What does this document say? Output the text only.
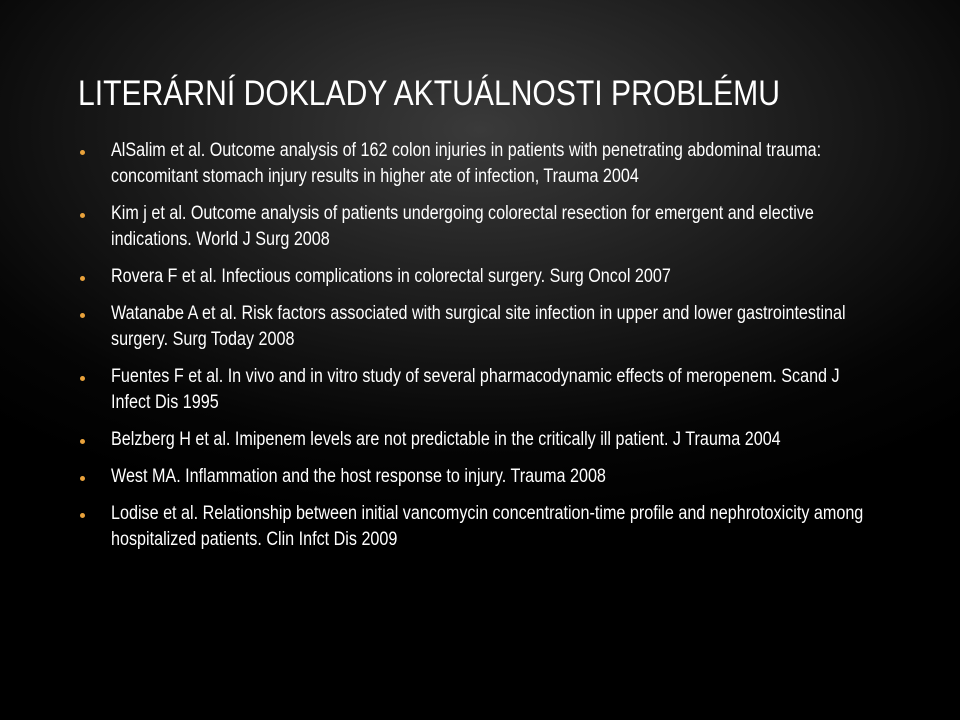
LITERÁRNÍ DOKLADY AKTUÁLNOSTI PROBLÉMU
AlSalim et al. Outcome analysis of 162 colon injuries in patients with penetrating abdominal trauma: concomitant stomach injury results in higher ate of infection, Trauma 2004
Kim j et al. Outcome analysis of patients undergoing colorectal resection for emergent and elective indications. World J Surg 2008
Rovera F et al. Infectious complications in colorectal surgery. Surg Oncol 2007
Watanabe A et al. Risk factors associated with surgical site infection in upper and lower gastrointestinal surgery. Surg Today 2008
Fuentes F et al. In vivo and in vitro study of several pharmacodynamic effects of meropenem. Scand J Infect Dis 1995
Belzberg H et al. Imipenem levels are not predictable in the critically ill patient. J Trauma 2004
West MA. Inflammation and the host response to injury. Trauma 2008
Lodise et al. Relationship between initial vancomycin concentration-time profile and nephrotoxicity among hospitalized patients. Clin Infct Dis 2009
